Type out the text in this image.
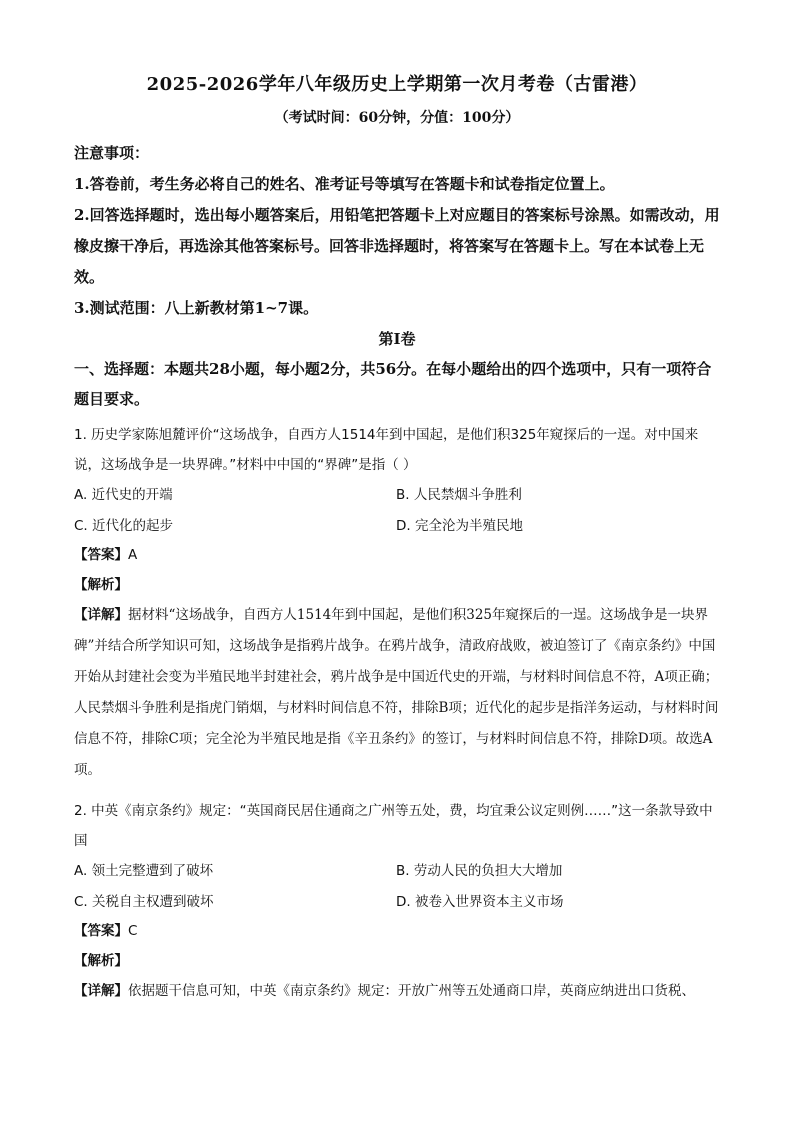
2025-2026学年八年级历史上学期第一次月考卷（古雷港）
（考试时间：60分钟，分值：100分）

注意事项：

1.答卷前，考生务必将自己的姓名、准考证号等填写在答题卡和试卷指定位置上。

2.回答选择题时，选出每小题答案后，用铅笔把答题卡上对应题目的答案标号涂黑。如需改动，用橡皮擦干净后，再选涂其他答案标号。回答非选择题时，将答案写在答题卡上。写在本试卷上无效。

3.测试范围：八上新教材第1~7课。

第Ⅰ卷
一、选择题：本题共28小题，每小题2分，共56分。在每小题给出的四个选项中，只有一项符合题目要求。

1. 历史学家陈旭麓评价“这场战争，自西方人1514年到中国起，是他们积325年窥探后的一逞。对中国来说，这场战争是一块界碑。”材料中中国的“界碑”是指（ ）

A. 近代史的开端	B. 人民禁烟斗争胜利
C. 近代化的起步	D. 完全沦为半殖民地

【答案】A

【解析】

【详解】据材料“这场战争，自西方人1514年到中国起，是他们积325年窥探后的一逞。这场战争是一块界碑”并结合所学知识可知，这场战争是指鸦片战争。在鸦片战争，清政府战败，被迫签订了《南京条约》中国开始从封建社会变为半殖民地半封建社会，鸦片战争是中国近代史的开端，与材料时间信息不符，A项正确；人民禁烟斗争胜利是指虎门销烟，与材料时间信息不符，排除B项；近代化的起步是指洋务运动，与材料时间信息不符，排除C项；完全沦为半殖民地是指《辛丑条约》的签订，与材料时间信息不符，排除D项。故选A项。

2. 中英《南京条约》规定：“英国商民居住通商之广州等五处，费，均宜秉公议定则例……”这一条款导致中国

A. 领土完整遭到了破坏	B. 劳动人民的负担大大增加
C. 关税自主权遭到破坏	D. 被卷入世界资本主义市场

【答案】C

【解析】

【详解】依据题干信息可知，中英《南京条约》规定：开放广州等五处通商口岸，英商应纳进出口货税、
